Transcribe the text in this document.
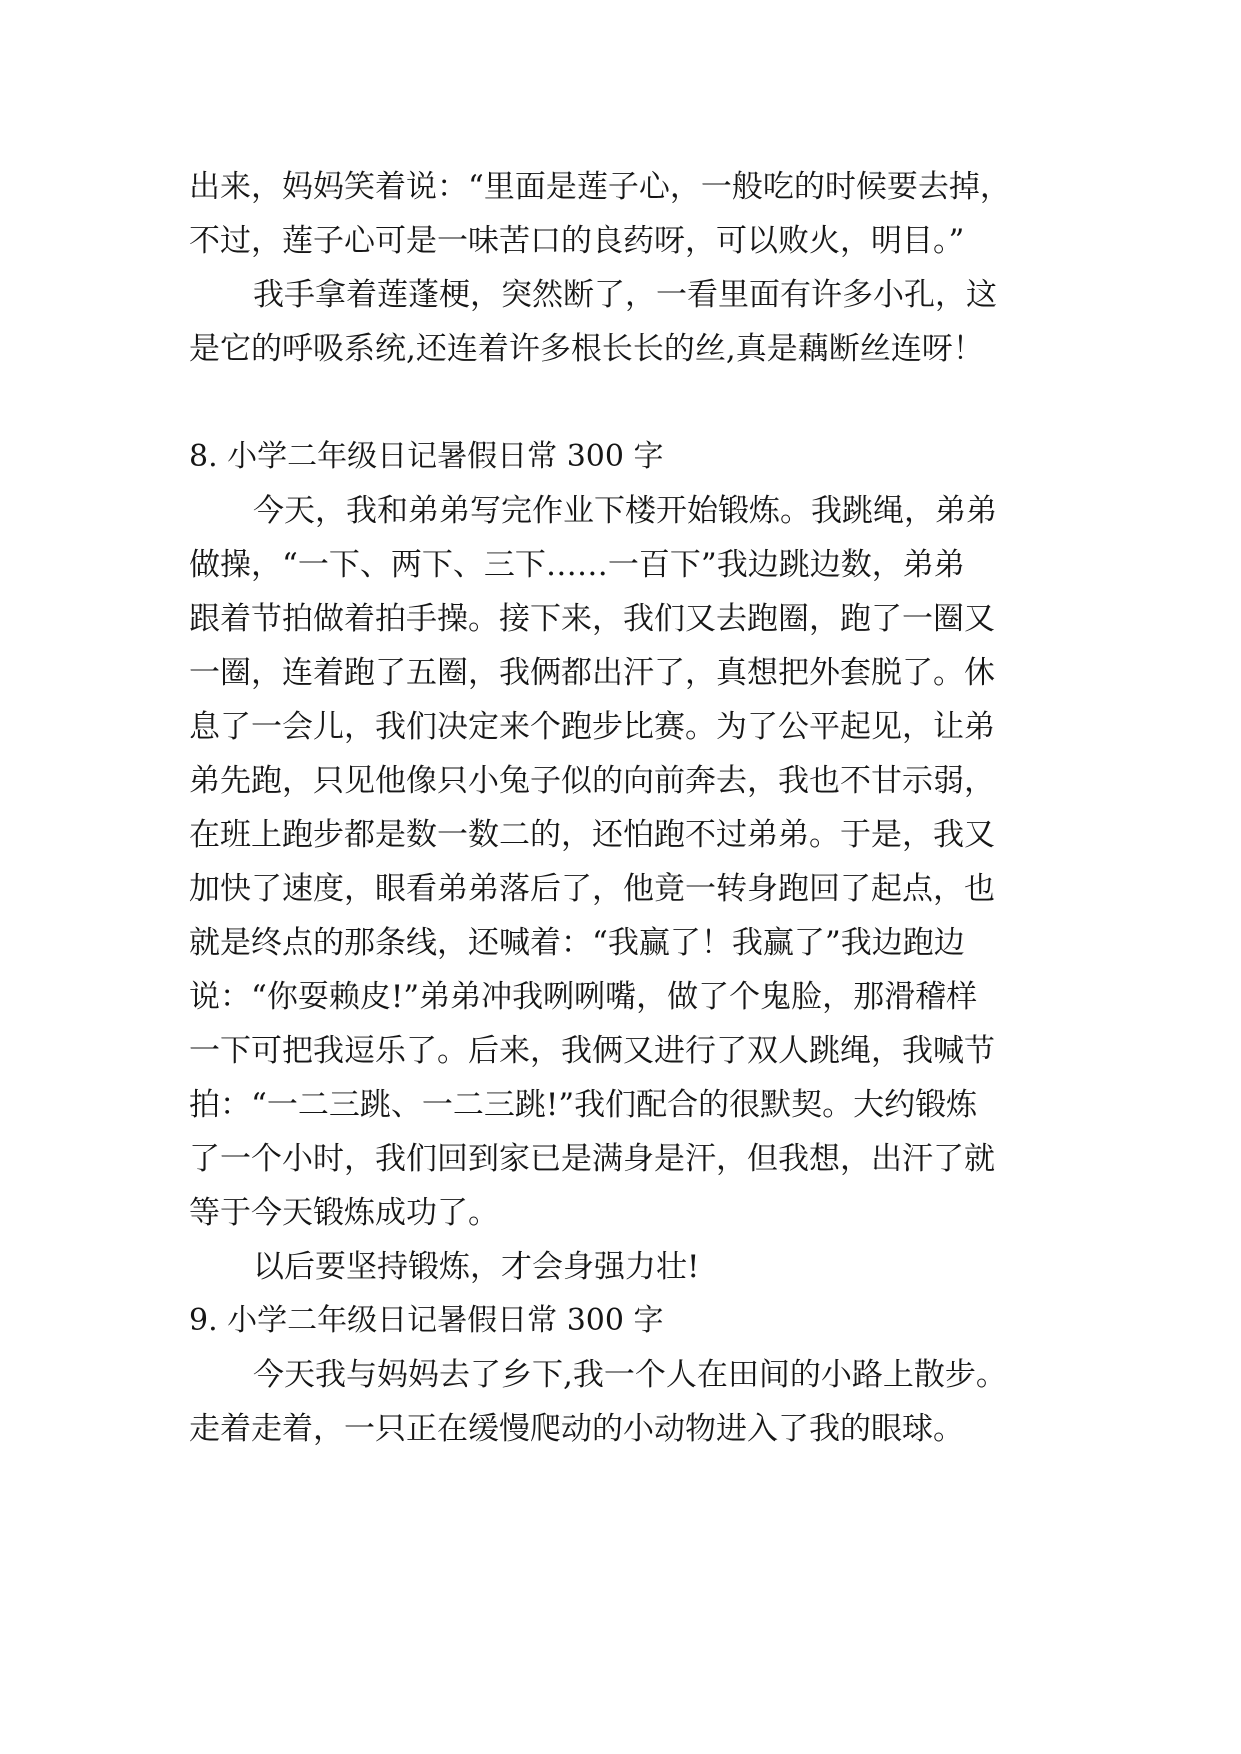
出来，妈妈笑着说：“里面是莲子心，一般吃的时候要去掉，
不过，莲子心可是一味苦口的良药呀，可以败火，明目。”
我手拿着莲蓬梗，突然断了，一看里面有许多小孔，这
是它的呼吸系统,还连着许多根长长的丝,真是藕断丝连呀！
8. 小学二年级日记暑假日常 300 字
今天，我和弟弟写完作业下楼开始锻炼。我跳绳，弟弟
做操，“一下、两下、三下……一百下”我边跳边数，弟弟
跟着节拍做着拍手操。接下来，我们又去跑圈，跑了一圈又
一圈，连着跑了五圈，我俩都出汗了，真想把外套脱了。休
息了一会儿，我们决定来个跑步比赛。为了公平起见，让弟
弟先跑，只见他像只小兔子似的向前奔去，我也不甘示弱，
在班上跑步都是数一数二的，还怕跑不过弟弟。于是，我又
加快了速度，眼看弟弟落后了，他竟一转身跑回了起点，也
就是终点的那条线，还喊着：“我赢了！我赢了”我边跑边
说：“你耍赖皮!”弟弟冲我咧咧嘴，做了个鬼脸，那滑稽样
一下可把我逗乐了。后来，我俩又进行了双人跳绳，我喊节
拍：“一二三跳、一二三跳!”我们配合的很默契。大约锻炼
了一个小时，我们回到家已是满身是汗，但我想，出汗了就
等于今天锻炼成功了。
以后要坚持锻炼，才会身强力壮!
9. 小学二年级日记暑假日常 300 字
今天我与妈妈去了乡下,我一个人在田间的小路上散步。
走着走着，一只正在缓慢爬动的小动物进入了我的眼球。
